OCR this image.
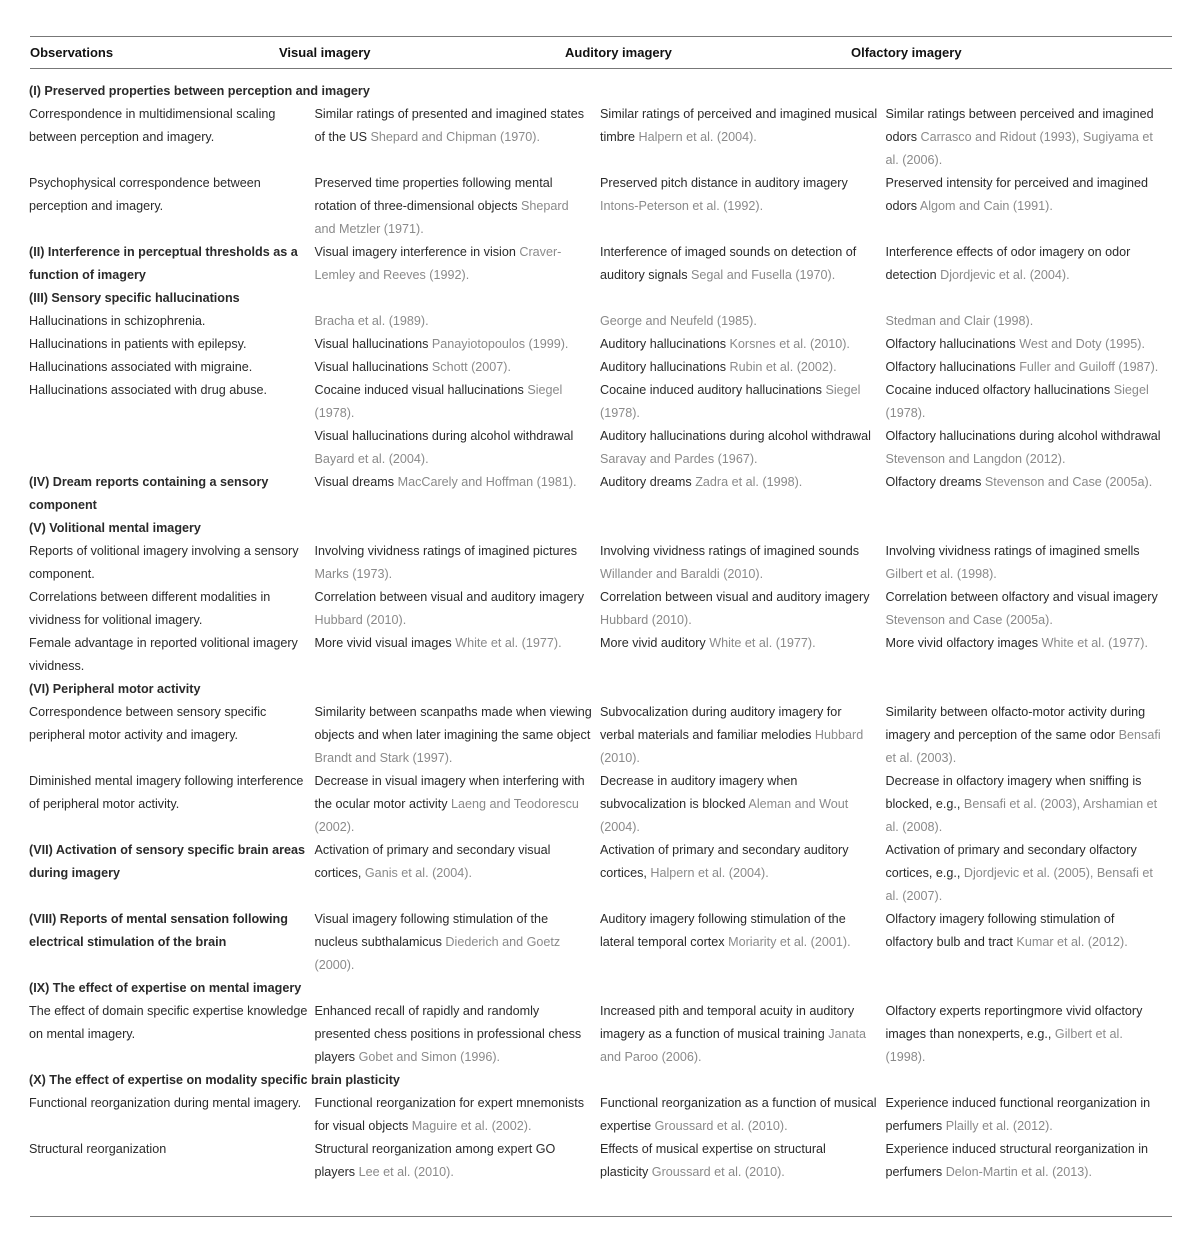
Observations	Visual imagery	Auditory imagery	Olfactory imagery
(I) Preserved properties between perception and imagery			
Correspondence in multidimensional scaling between perception and imagery.	Similar ratings of presented and imagined states of the US Shepard and Chipman (1970).	Similar ratings of perceived and imagined musical timbre Halpern et al. (2004).	Similar ratings between perceived and imagined odors Carrasco and Ridout (1993), Sugiyama et al. (2006).

Psychophysical correspondence between perception and imagery.	Preserved time properties following mental rotation of three-dimensional objects Shepard and Metzler (1971).	Preserved pitch distance in auditory imagery Intons-Peterson et al. (1992).	Preserved intensity for perceived and imagined odors Algom and Cain (1991).

(II) Interference in perceptual thresholds as a function of imagery	Visual imagery interference in vision Craver-Lemley and Reeves (1992).	Interference of imaged sounds on detection of auditory signals Segal and Fusella (1970).	Interference effects of odor imagery on odor detection Djordjevic et al. (2004).

(III) Sensory specific hallucinations			
Hallucinations in schizophrenia.	Bracha et al. (1989).	George and Neufeld (1985).	Stedman and Clair (1998).

Hallucinations in patients with epilepsy.	Visual hallucinations Panayiotopoulos (1999).	Auditory hallucinations Korsnes et al. (2010).	Olfactory hallucinations West and Doty (1995).

Hallucinations associated with migraine.	Visual hallucinations Schott (2007).	Auditory hallucinations Rubin et al. (2002).	Olfactory hallucinations Fuller and Guiloff (1987).

Hallucinations associated with drug abuse.	Cocaine induced visual hallucinations Siegel (1978).	Cocaine induced auditory hallucinations Siegel (1978).	Cocaine induced olfactory hallucinations Siegel (1978).

	Visual hallucinations during alcohol withdrawal Bayard et al. (2004).	Auditory hallucinations during alcohol withdrawal Saravay and Pardes (1967).	Olfactory hallucinations during alcohol withdrawal Stevenson and Langdon (2012).

(IV) Dream reports containing a sensory component	Visual dreams MacCarely and Hoffman (1981).	Auditory dreams Zadra et al. (1998).	Olfactory dreams Stevenson and Case (2005a).

(V) Volitional mental imagery			
Reports of volitional imagery involving a sensory component.	Involving vividness ratings of imagined pictures Marks (1973).	Involving vividness ratings of imagined sounds Willander and Baraldi (2010).	Involving vividness ratings of imagined smells Gilbert et al. (1998).

Correlations between different modalities in vividness for volitional imagery.	Correlation between visual and auditory imagery Hubbard (2010).	Correlation between visual and auditory imagery Hubbard (2010).	Correlation between olfactory and visual imagery Stevenson and Case (2005a).

Female advantage in reported volitional imagery vividness.	More vivid visual images White et al. (1977).	More vivid auditory White et al. (1977).	More vivid olfactory images White et al. (1977).

(VI) Peripheral motor activity			
Correspondence between sensory specific peripheral motor activity and imagery.	Similarity between scanpaths made when viewing objects and when later imagining the same object Brandt and Stark (1997).	Subvocalization during auditory imagery for verbal materials and familiar melodies Hubbard (2010).	Similarity between olfacto-motor activity during imagery and perception of the same odor Bensafi et al. (2003).

Diminished mental imagery following interference of peripheral motor activity.	Decrease in visual imagery when interfering with the ocular motor activity Laeng and Teodorescu (2002).	Decrease in auditory imagery when subvocalization is blocked Aleman and Wout (2004).	Decrease in olfactory imagery when sniffing is blocked, e.g., Bensafi et al. (2003), Arshamian et al. (2008).

(VII) Activation of sensory specific brain areas during imagery	Activation of primary and secondary visual cortices, Ganis et al. (2004).	Activation of primary and secondary auditory cortices, Halpern et al. (2004).	Activation of primary and secondary olfactory cortices, e.g., Djordjevic et al. (2005), Bensafi et al. (2007).

(VIII) Reports of mental sensation following electrical stimulation of the brain	Visual imagery following stimulation of the nucleus subthalamicus Diederich and Goetz (2000).	Auditory imagery following stimulation of the lateral temporal cortex Moriarity et al. (2001).	Olfactory imagery following stimulation of olfactory bulb and tract Kumar et al. (2012).

(IX) The effect of expertise on mental imagery			
The effect of domain specific expertise knowledge on mental imagery.	Enhanced recall of rapidly and randomly presented chess positions in professional chess players Gobet and Simon (1996).	Increased pith and temporal acuity in auditory imagery as a function of musical training Janata and Paroo (2006).	Olfactory experts reportingmore vivid olfactory images than nonexperts, e.g., Gilbert et al. (1998).

(X) The effect of expertise on modality specific brain plasticity			
Functional reorganization during mental imagery.	Functional reorganization for expert mnemonists for visual objects Maguire et al. (2002).	Functional reorganization as a function of musical expertise Groussard et al. (2010).	Experience induced functional reorganization in perfumers Plailly et al. (2012).

Structural reorganization	Structural reorganization among expert GO players Lee et al. (2010).	Effects of musical expertise on structural plasticity Groussard et al. (2010).	Experience induced structural reorganization in perfumers Delon-Martin et al. (2013).
